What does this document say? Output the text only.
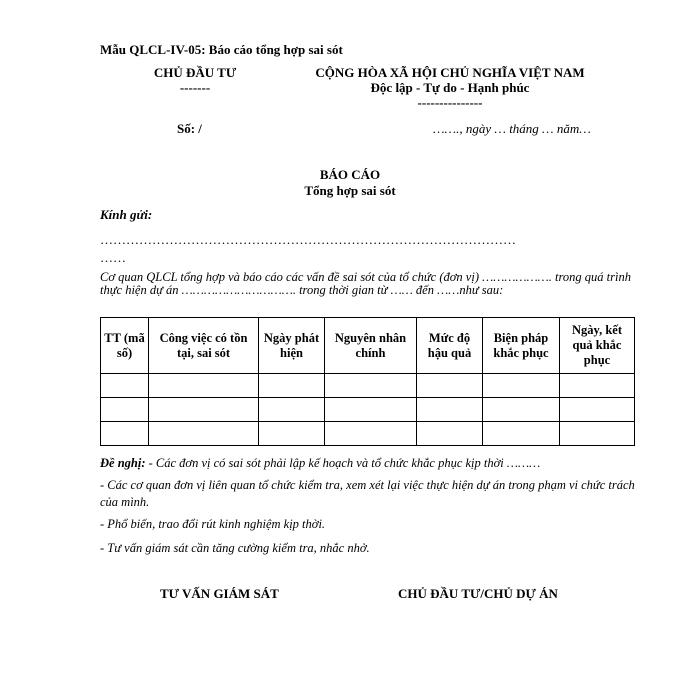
Mẫu QLCL-IV-05: Báo cáo tổng hợp sai sót
CHỦ ĐẦU TƯ
-------
CỘNG HÒA XÃ HỘI CHỦ NGHĨA VIỆT NAM
Độc lập - Tự do - Hạnh phúc
---------------
Số: /	……., ngày … tháng … năm…
BÁO CÁO
Tổng hợp sai sót
Kính gửi:
……………………………………………………………………………………
……
Cơ quan QLCL tổng hợp và báo cáo các vấn đề sai sót của tổ chức (đơn vị) ………………. trong quá trình thực hiện dự án …………………………. trong thời gian từ …… đến ……như sau:
TT (mã số)	Công việc có tồn tại, sai sót	Ngày phát hiện	Nguyên nhân chính	Mức độ hậu quả	Biện pháp khắc phục	Ngày, kết quả khắc phục

Đề nghị: - Các đơn vị có sai sót phải lập kế hoạch và tổ chức khắc phục kịp thời ………
- Các cơ quan đơn vị liên quan tổ chức kiểm tra, xem xét lại việc thực hiện dự án trong phạm vi chức trách của mình.
- Phổ biến, trao đổi rút kinh nghiệm kịp thời.
- Tư vấn giám sát cần tăng cường kiểm tra, nhắc nhở.
TƯ VẤN GIÁM SÁT	CHỦ ĐẦU TƯ/CHỦ DỰ ÁN
